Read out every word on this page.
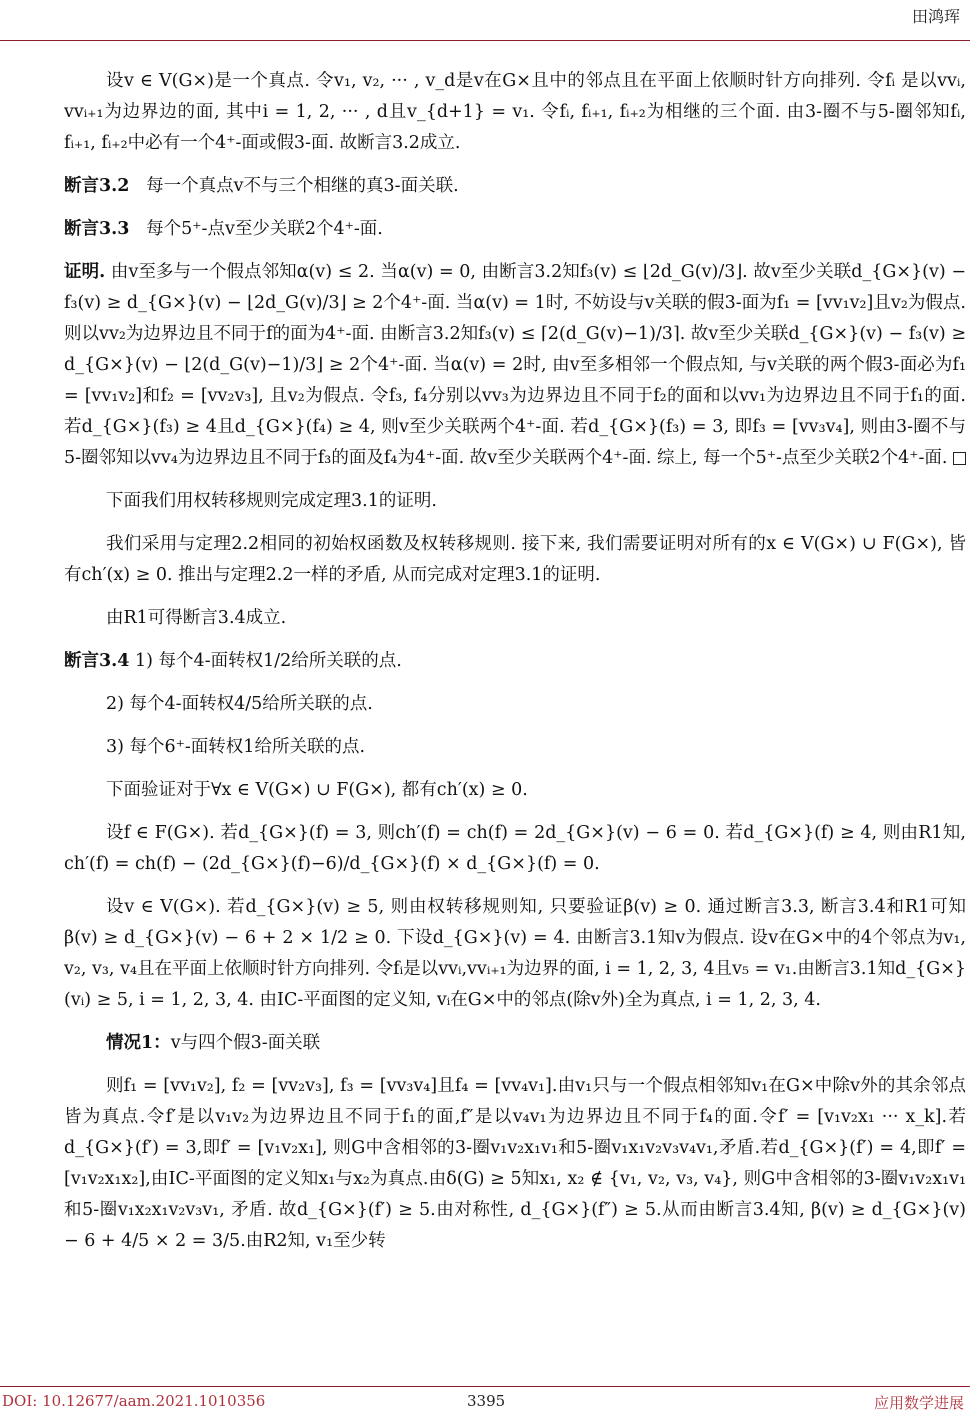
田鸿珲

设v ∈ V(G×)是一个真点. 令v₁, v₂, ··· , v_d是v在G×且中的邻点且在平面上依顺时针方向排列. 令fᵢ 是以vvᵢ, vvᵢ₊₁为边界边的面, 其中i = 1, 2, ··· , d且v_{d+1} = v₁. 令fᵢ, fᵢ₊₁, fᵢ₊₂为相继的三个面. 由3-圈不与5-圈邻知fᵢ, fᵢ₊₁, fᵢ₊₂中必有一个4⁺-面或假3-面. 故断言3.2成立.

断言3.2 每一个真点v不与三个相继的真3-面关联.

断言3.3 每个5⁺-点v至少关联2个4⁺-面.

证明. 由v至多与一个假点邻知α(v) ≤ 2. 当α(v) = 0, 由断言3.2知f₃(v) ≤ ⌊2d_G(v)/3⌋. 故v至少关联d_{G×}(v) − f₃(v) ≥ d_{G×}(v) − ⌊2d_G(v)/3⌋ ≥ 2个4⁺-面. 当α(v) = 1时, 不妨设与v关联的假3-面为f₁ = [vv₁v₂]且v₂为假点. 则以vv₂为边界边且不同于f的面为4⁺-面. 由断言3.2知f₃(v) ≤ ⌈2(d_G(v)−1)/3⌉. 故v至少关联d_{G×}(v) − f₃(v) ≥ d_{G×}(v) − ⌊2(d_G(v)−1)/3⌋ ≥ 2个4⁺-面. 当α(v) = 2时, 由v至多相邻一个假点知, 与v关联的两个假3-面必为f₁ = [vv₁v₂]和f₂ = [vv₂v₃], 且v₂为假点. 令f₃, f₄分别以vv₃为边界边且不同于f₂的面和以vv₁为边界边且不同于f₁的面. 若d_{G×}(f₃) ≥ 4且d_{G×}(f₄) ≥ 4, 则v至少关联两个4⁺-面. 若d_{G×}(f₃) = 3, 即f₃ = [vv₃v₄], 则由3-圈不与5-圈邻知以vv₄为边界边且不同于f₃的面及f₄为4⁺-面. 故v至少关联两个4⁺-面. 综上, 每一个5⁺-点至少关联2个4⁺-面.

下面我们用权转移规则完成定理3.1的证明.

我们采用与定理2.2相同的初始权函数及权转移规则. 接下来, 我们需要证明对所有的x ∈ V(G×) ∪ F(G×), 皆有ch′(x) ≥ 0. 推出与定理2.2一样的矛盾, 从而完成对定理3.1的证明.

由R1可得断言3.4成立.

断言3.4 1) 每个4-面转权1/2给所关联的点.

2) 每个4-面转权4/5给所关联的点.

3) 每个6⁺-面转权1给所关联的点.

下面验证对于∀x ∈ V(G×) ∪ F(G×), 都有ch′(x) ≥ 0.

设f ∈ F(G×). 若d_{G×}(f) = 3, 则ch′(f) = ch(f) = 2d_{G×}(v) − 6 = 0. 若d_{G×}(f) ≥ 4, 则由R1知, ch′(f) = ch(f) − (2d_{G×}(f)−6)/d_{G×}(f) × d_{G×}(f) = 0.

设v ∈ V(G×). 若d_{G×}(v) ≥ 5, 则由权转移规则知, 只要验证β(v) ≥ 0. 通过断言3.3, 断言3.4和R1可知β(v) ≥ d_{G×}(v) − 6 + 2 × 1/2 ≥ 0. 下设d_{G×}(v) = 4. 由断言3.1知v为假点. 设v在G×中的4个邻点为v₁, v₂, v₃, v₄且在平面上依顺时针方向排列. 令fᵢ是以vvᵢ,vvᵢ₊₁为边界的面, i = 1, 2, 3, 4且v₅ = v₁.由断言3.1知d_{G×}(vᵢ) ≥ 5, i = 1, 2, 3, 4. 由IC-平面图的定义知, vᵢ在G×中的邻点(除v外)全为真点, i = 1, 2, 3, 4.

情况1：v与四个假3-面关联

则f₁ = [vv₁v₂], f₂ = [vv₂v₃], f₃ = [vv₃v₄]且f₄ = [vv₄v₁].由v₁只与一个假点相邻知v₁在G×中除v外的其余邻点皆为真点.令f′是以v₁v₂为边界边且不同于f₁的面,f″是以v₄v₁为边界边且不同于f₄的面.令f′ = [v₁v₂x₁ ··· x_k].若d_{G×}(f′) = 3,即f′ = [v₁v₂x₁], 则G中含相邻的3-圈v₁v₂x₁v₁和5-圈v₁x₁v₂v₃v₄v₁,矛盾.若d_{G×}(f′) = 4,即f′ = [v₁v₂x₁x₂],由IC-平面图的定义知x₁与x₂为真点.由δ(G) ≥ 5知x₁, x₂ ∉ {v₁, v₂, v₃, v₄}, 则G中含相邻的3-圈v₁v₂x₁v₁和5-圈v₁x₂x₁v₂v₃v₁, 矛盾. 故d_{G×}(f′) ≥ 5.由对称性, d_{G×}(f″) ≥ 5.从而由断言3.4知, β(v) ≥ d_{G×}(v) − 6 + 4/5 × 2 = 3/5.由R2知, v₁至少转

DOI: 10.12677/aam.2021.1010356	3395	应用数学进展
